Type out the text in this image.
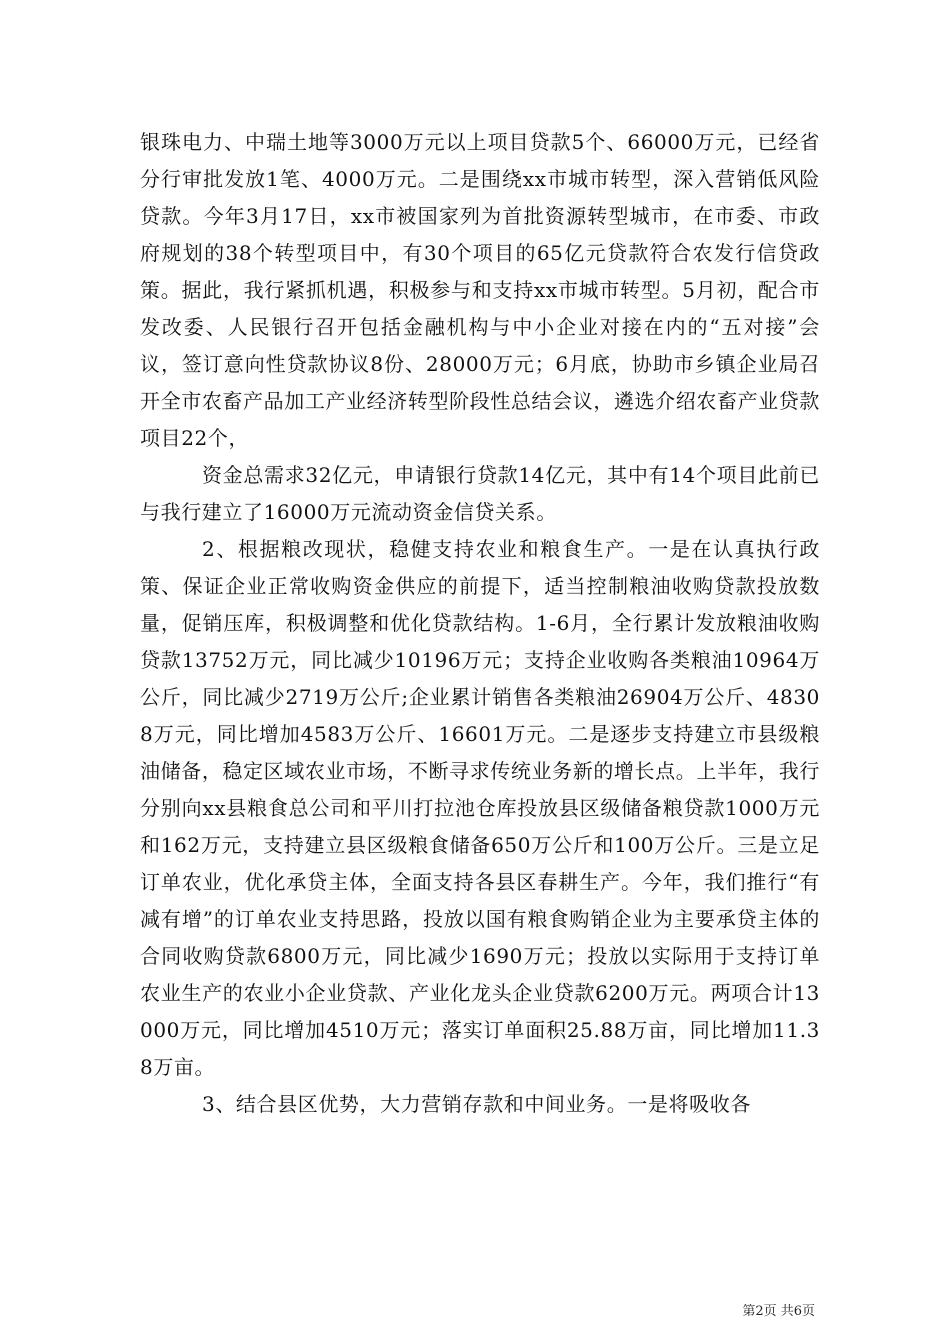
银珠电力、中瑞土地等3000万元以上项目贷款5个、66000万元，已经省分行审批发放1笔、4000万元。二是围绕xx市城市转型，深入营销低风险贷款。今年3月17日，xx市被国家列为首批资源转型城市，在市委、市政府规划的38个转型项目中，有30个项目的65亿元贷款符合农发行信贷政策。据此，我行紧抓机遇，积极参与和支持xx市城市转型。5月初，配合市发改委、人民银行召开包括金融机构与中小企业对接在内的“五对接”会议，签订意向性贷款协议8份、28000万元；6月底，协助市乡镇企业局召开全市农畜产品加工产业经济转型阶段性总结会议，遴选介绍农畜产业贷款项目22个，

资金总需求32亿元，申请银行贷款14亿元，其中有14个项目此前已与我行建立了16000万元流动资金信贷关系。

2、根据粮改现状，稳健支持农业和粮食生产。一是在认真执行政策、保证企业正常收购资金供应的前提下，适当控制粮油收购贷款投放数量，促销压库，积极调整和优化贷款结构。1-6月，全行累计发放粮油收购贷款13752万元，同比减少10196万元；支持企业收购各类粮油10964万公斤，同比减少2719万公斤;企业累计销售各类粮油26904万公斤、48308万元，同比增加4583万公斤、16601万元。二是逐步支持建立市县级粮油储备，稳定区域农业市场，不断寻求传统业务新的增长点。上半年，我行分别向xx县粮食总公司和平川打拉池仓库投放县区级储备粮贷款1000万元和162万元，支持建立县区级粮食储备650万公斤和100万公斤。三是立足订单农业，优化承贷主体，全面支持各县区春耕生产。今年，我们推行“有减有增”的订单农业支持思路，投放以国有粮食购销企业为主要承贷主体的合同收购贷款6800万元，同比减少1690万元；投放以实际用于支持订单农业生产的农业小企业贷款、产业化龙头企业贷款6200万元。两项合计13000万元，同比增加4510万元；落实订单面积25.88万亩，同比增加11.38万亩。

3、结合县区优势，大力营销存款和中间业务。一是将吸收各

第2页 共6页
